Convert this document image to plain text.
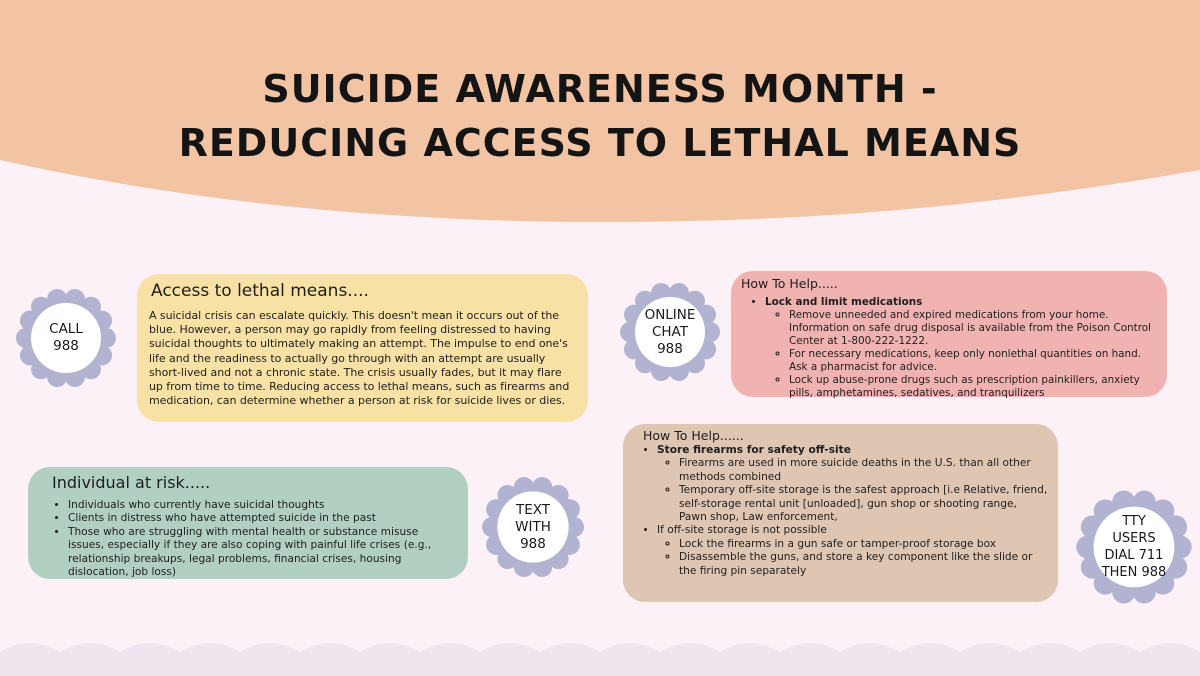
SUICIDE AWARENESS MONTH -
REDUCING ACCESS TO LETHAL MEANS
CALL
988
ONLINE
CHAT
988
TEXT
WITH
988
TTY
USERS
DIAL 711
THEN 988
Access to lethal means....
A suicidal crisis can escalate quickly. This doesn't mean it occurs out of the blue. However, a person may go rapidly from feeling distressed to having suicidal thoughts to ultimately making an attempt. The impulse to end one's life and the readiness to actually go through with an attempt are usually short-lived and not a chronic state. The crisis usually fades, but it may flare up from time to time. Reducing access to lethal means, such as firearms and medication, can determine whether a person at risk for suicide lives or dies.
Individual at risk.....
• Individuals who currently have suicidal thoughts
• Clients in distress who have attempted suicide in the past
• Those who are struggling with mental health or substance misuse issues, especially if they are also coping with painful life crises (e.g., relationship breakups, legal problems, financial crises, housing dislocation, job loss)
How To Help.....
• Lock and limit medications
◦ Remove unneeded and expired medications from your home. Information on safe drug disposal is available from the Poison Control Center at 1-800-222-1222.
◦ For necessary medications, keep only nonlethal quantities on hand. Ask a pharmacist for advice.
◦ Lock up abuse-prone drugs such as prescription painkillers, anxiety pills, amphetamines, sedatives, and tranquilizers
How To Help......
• Store firearms for safety off-site
◦ Firearms are used in more suicide deaths in the U.S. than all other methods combined
◦ Temporary off-site storage is the safest approach [i.e Relative, friend, self-storage rental unit [unloaded], gun shop or shooting range, Pawn shop, Law enforcement,
• If off-site storage is not possible
◦ Lock the firearms in a gun safe or tamper-proof storage box
◦ Disassemble the guns, and store a key component like the slide or the firing pin separately
